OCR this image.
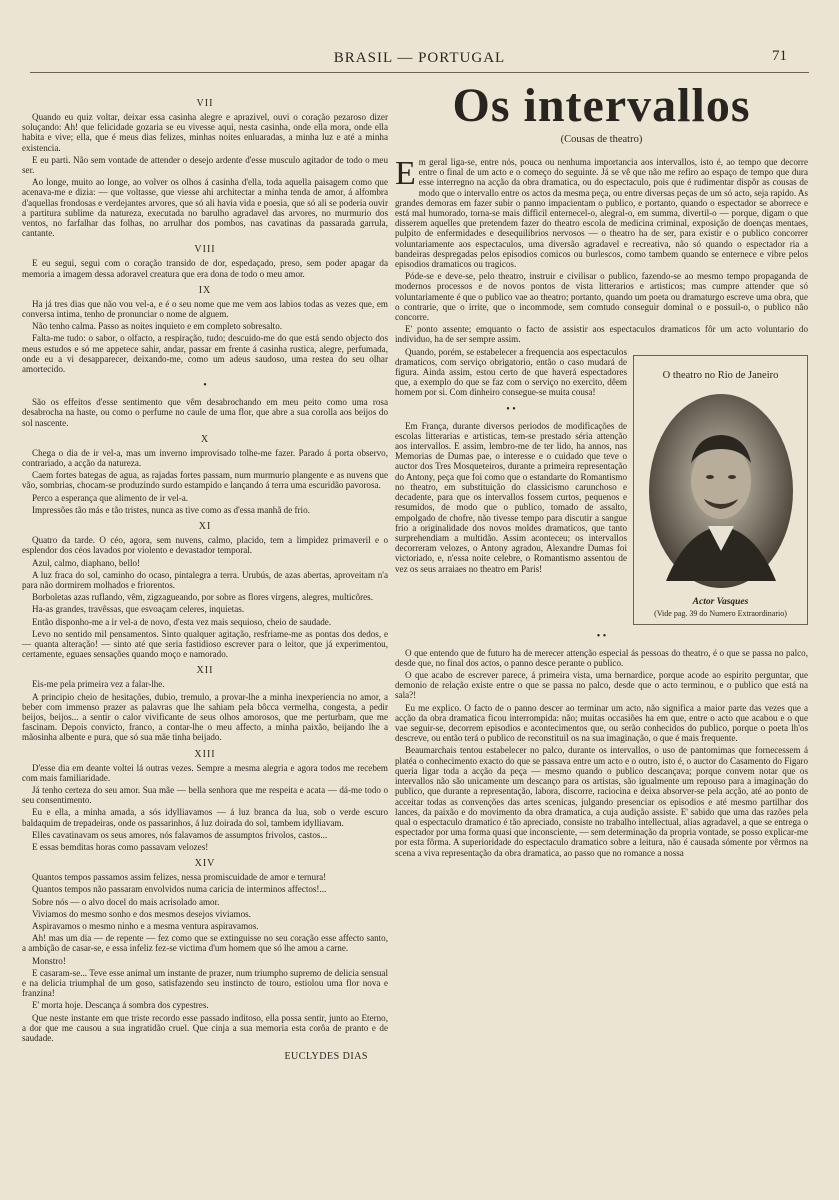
BRASIL — PORTUGAL	71
VII

Quando eu quiz voltar, deixar essa casinha alegre e aprazivel, ouvi o coração pezaroso dizer soluçando: Ah! que felicidade gozaria se eu vivesse aqui, nesta casinha, onde ella mora, onde ella habita e vive; ella, que é meus dias felizes, minhas noites enluaradas, a minha luz e até a minha existencia.

E eu parti. Não sem vontade de attender o desejo ardente d'esse musculo agitador de todo o meu ser.

Ao longe, muito ao longe, ao volver os olhos á casinha d'ella, toda aquella paisagem como que acenava-me e dizia: — que voltasse, que viesse ahi architectar a minha tenda de amor, á alfombra d'aquellas frondosas e verdejantes arvores, que só ali havia vida e poesia, que só ali se poderia ouvir a partitura sublime da natureza, executada no barulho agradavel das arvores, no murmurio dos ventos, no farfalhar das folhas, no arrulhar dos pombos, nas cavatinas da passarada garrula, cantante.

VIII

E eu segui, segui com o coração transido de dor, espedaçado, preso, sem poder apagar da memoria a imagem dessa adoravel creatura que era dona de todo o meu amor.

IX

Ha já tres dias que não vou vel-a, e é o seu nome que me vem aos labios todas as vezes que, em conversa intima, tenho de pronunciar o nome de alguem.

Não tenho calma. Passo as noites inquieto e em completo sobresalto.

Falta-me tudo: o sabor, o olfacto, a respiração, tudo; descuido-me do que está sendo objecto dos meus estudos e só me appetece sahir, andar, passar em frente á casinha rustica, alegre, perfumada, onde eu a vi desapparecer, deixando-me, como um adeus saudoso, uma restea do seu olhar amortecido.

•

São os effeitos d'esse sentimento que vêm desabrochando em meu peito como uma rosa desabrocha na haste, ou como o perfume no caule de uma flor, que abre a sua corolla aos beijos do sol nascente.

X

Chega o dia de ir vel-a, mas um inverno improvisado tolhe-me fazer. Parado á porta observo, contrariado, a acção da natureza.

Caem fortes bategas de agua, as rajadas fortes passam, num murmurio plangente e as nuvens que vão, sombrias, chocam-se produzindo surdo estampido e lançando á terra uma escuridão pavorosa.

Perco a esperança que alimento de ir vel-a.

Impressões tão más e tão tristes, nunca as tive como as d'essa manhã de frio.

XI

Quatro da tarde. O céo, agora, sem nuvens, calmo, placido, tem a limpidez primaveril e o esplendor dos céos lavados por violento e devastador temporal.

Azul, calmo, diaphano, bello!

A luz fraca do sol, caminho do ocaso, pintalegra a terra. Urubús, de azas abertas, aproveitam n'a para não dormirem molhados e friorentos.

Borboletas azas ruflando, vêm, zigzagueando, por sobre as flores virgens, alegres, multicôres.

Ha-as grandes, travêssas, que esvoaçam celeres, inquietas.

Então disponho-me a ir vel-a de novo, d'esta vez mais sequioso, cheio de saudade.

Levo no sentido mil pensamentos. Sinto qualquer agitação, resfriame-me as pontas dos dedos, e — quanta alteração! — sinto até que seria fastidioso escrever para o leitor, que já experimentou, certamente, eguaes sensações quando moço e namorado.

XII

Eis-me pela primeira vez a falar-lhe.

A principio cheio de hesitações, dubio, tremulo, a provar-lhe a minha inexperiencia no amor, a beber com immenso prazer as palavras que lhe sahiam pela bôcca vermelha, congesta, a pedir beijos, beijos... a sentir o calor vivificante de seus olhos amorosos, que me perturbam, que me fascinam. Depois convicto, franco, a contar-lhe o meu affecto, a minha paixão, beijando lhe a mãosinha albente e pura, que só sua mãe tinha beijado.

XIII

D'esse dia em deante voltei lá outras vezes. Sempre a mesma alegria e agora todos me recebem com mais familiaridade.

Já tenho certeza do seu amor. Sua mãe — bella senhora que me respeita e acata — dá-me todo o seu consentimento.

Eu e ella, a minha amada, a sós idylliavamos — á luz branca da lua, sob o verde escuro baldaquim de trepadeiras, onde os passarinhos, á luz doirada do sol, tambem idylliavam.

Elles cavatinavam os seus amores, nós falavamos de assumptos frivolos, castos...

E essas bemditas horas como passavam velozes!

XIV

Quantos tempos passamos assim felizes, nessa promiscuidade de amor e ternura!

Quantos tempos não passaram envolvidos numa caricia de interminos affectos!...

Sobre nós — o alvo docel do mais acrisolado amor.

Viviamos do mesmo sonho e dos mesmos desejos viviamos.

Aspiravamos o mesmo ninho e a mesma ventura aspiravamos.

Ah! mas um dia — de repente — fez como que se extinguisse no seu coração esse affecto santo, a ambição de casar-se, e essa infeliz fez-se victima d'um homem que só lhe amou a carne.

Monstro!

E casaram-se... Teve esse animal um instante de prazer, num triumpho supremo de delicia sensual e na delicia triumphal de um goso, satisfazendo seu instincto de touro, estiolou uma flor nova e franzina!

E' morta hoje. Descança á sombra dos cypestres.

Que neste instante em que triste recordo esse passado inditoso, ella possa sentir, junto ao Eterno, a dor que me causou a sua ingratidão cruel. Que cinja a sua memoria esta corôa de pranto e de saudade.

EUCLYDES DIAS
Os intervallos
(Cousas de theatro)

Em geral liga-se, entre nós, pouca ou nenhuma importancia aos intervallos, isto é, ao tempo que decorre entre o final de um acto e o começo do seguinte. Já se vê que não me refiro ao espaço de tempo que dura esse interregno na acção da obra dramatica, ou do espectaculo, pois que é rudimentar dispôr as cousas de modo que o intervallo entre os actos da mesma peça, ou entre diversas peças de um só acto, seja rapido. As grandes demoras em fazer subir o panno impacientam o publico, e portanto, quando o espectador se aborrece e está mal humorado, torna-se mais difficil enternecel-o, alegral-o, em summa, divertil-o — porque, digam o que disserem aquelles que pretendem fazer do theatro escola de medicina criminal, exposição de doenças mentaes, pulpito de enfermidades e desequilibrios nervosos — o theatro ha de ser, para existir e o publico concorrer voluntariamente aos espectaculos, uma diversão agradavel e recreativa, não só quando o espectador ria a bandeiras despregadas pelos episodios comicos ou burlescos, como tambem quando se enternece e vibre pelos episodios dramaticos ou tragicos.

Póde-se e deve-se, pelo theatro, instruir e civilisar o publico, fazendo-se ao mesmo tempo propaganda de modernos processos e de novos pontos de vista litterarios e artisticos; mas cumpre attender que só voluntariamente é que o publico vae ao theatro; portanto, quando um poeta ou dramaturgo escreve uma obra, que o contrarie, que o irrite, que o incommode, sem comtudo conseguir dominal o e possuil-o, o publico não concorre.

E' ponto assente; emquanto o facto de assistir aos espectaculos dramaticos fôr um acto voluntario do individuo, ha de ser sempre assim.

O theatro no Rio de Janeiro
Actor Vasques
(Vide pag. 39 do Numero Extraordinario)

Quando, porém, se estabelecer a frequencia aos espectaculos dramaticos, com serviço obrigatorio, então o caso mudará de figura. Ainda assim, estou certo de que haverá espectadores que, a exemplo do que se faz com o serviço no exercito, dêem homem por si. Com dinheiro consegue-se muita cousa!

• •

Em França, durante diversos periodos de modificações de escolas litterarias e artisticas, tem-se prestado séria attenção aos intervallos. E assim, lembro-me de ter lido, ha annos, nas Memorias de Dumas pae, o interesse e o cuidado que teve o auctor dos Tres Mosqueteiros, durante a primeira representação do Antony, peça que foi como que o estandarte do Romantismo no theatro, em substituição do classicismo carunchoso e decadente, para que os intervallos fossem curtos, pequenos e resumidos, de modo que o publico, tomado de assalto, empolgado de chofre, não tivesse tempo para discutir a sangue frio a originalidade dos novos moldes dramaticos, que tanto surprehendiam a multidão. Assim aconteceu; os intervallos decorreram velozes, o Antony agradou, Alexandre Dumas foi victoriado, e, n'essa noite celebre, o Romantismo assentou de vez os seus arraiaes no theatro em Paris!

• •

O que entendo que de futuro ha de merecer attenção especial ás pessoas do theatro, é o que se passa no palco, desde que, no final dos actos, o panno desce perante o publico.

O que acabo de escrever parece, á primeira vista, uma bernardice, porque acode ao espirito perguntar, que demonio de relação existe entre o que se passa no palco, desde que o acto terminou, e o publico que está na sala?!

Eu me explico. O facto de o panno descer ao terminar um acto, não significa a maior parte das vezes que a acção da obra dramatica ficou interrompida: não; muitas occasiões ha em que, entre o acto que acabou e o que vae seguir-se, decorrem episodios e acontecimentos que, ou serão conhecidos do publico, porque o poeta lh'os descreve, ou então terá o publico de reconstituil os na sua imaginação, o que é mais frequente.

Beaumarchais tentou estabelecer no palco, durante os intervallos, o uso de pantomimas que fornecessem á platéa o conhecimento exacto do que se passava entre um acto e o outro, isto é, o auctor do Casamento do Figaro queria ligar toda a acção da peça — mesmo quando o publico descançava; porque convem notar que os intervallos não são unicamente um descanço para os artistas, são igualmente um repouso para a imaginação do publico, que durante a representação, labora, discorre, raciocina e deixa absorver-se pela acção, até ao ponto de acceitar todas as convenções das artes scenicas, julgando presenciar os episodios e até mesmo partilhar dos lances, da paixão e do movimento da obra dramatica, a cuja audição assiste. E' sabido que uma das razões pela qual o espectaculo dramatico é tão apreciado, consiste no trabalho intellectual, alias agradavel, a que se entrega o espectador por uma forma quasi que inconsciente, — sem determinação da propria vontade, se posso explicar-me por esta fôrma. A superioridade do espectaculo dramatico sobre a leitura, não é causada sómente por vêrmos na scena a viva representação da obra dramatica, ao passo que no romance a nossa
